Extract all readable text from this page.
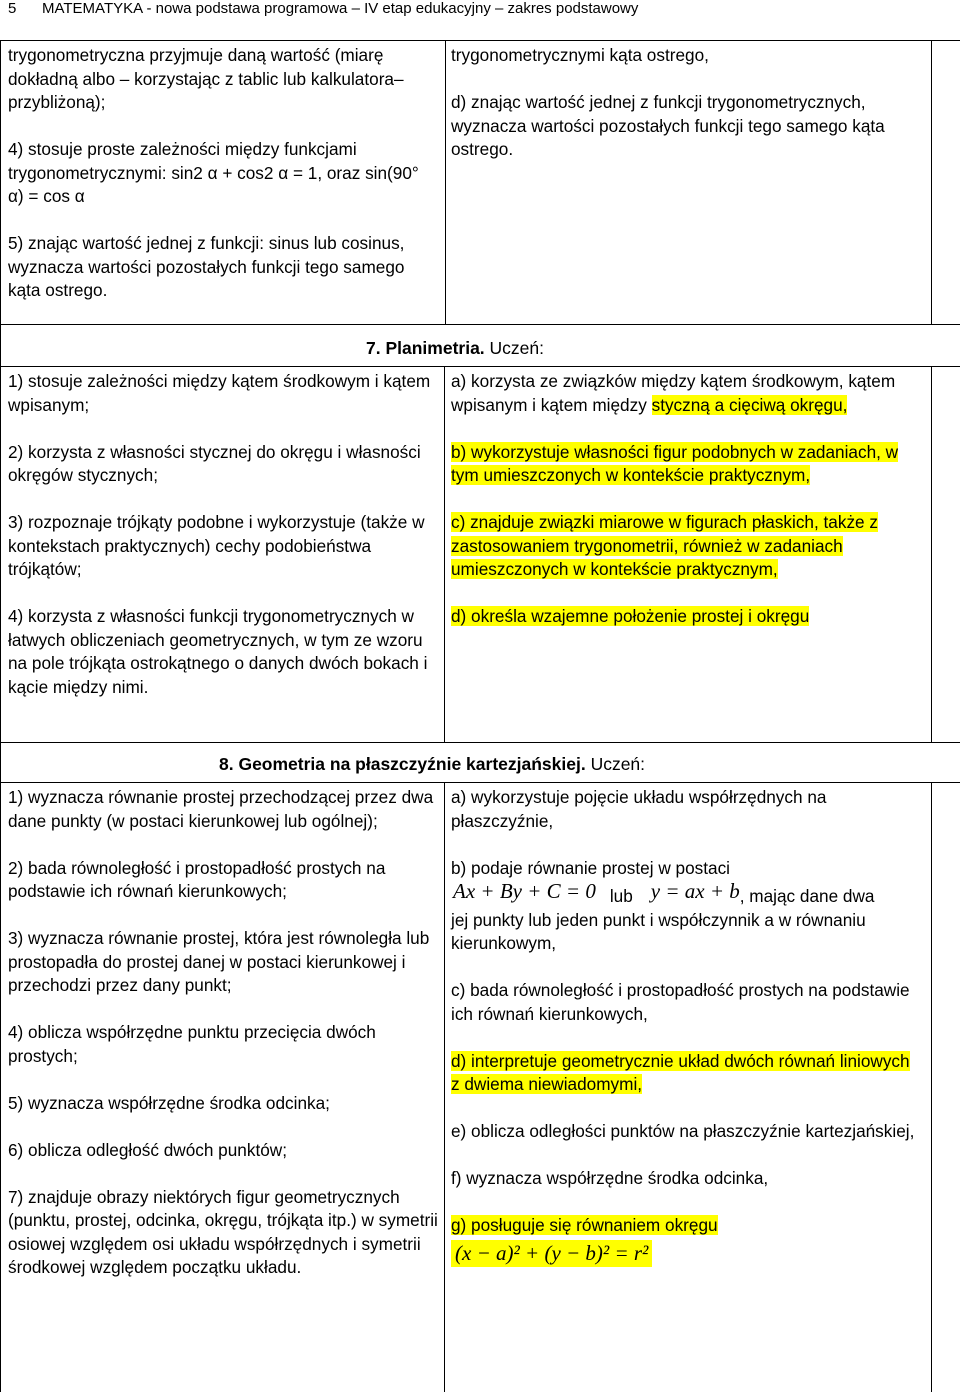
5 MATEMATYKA - nowa podstawa programowa – IV etap edukacyjny – zakres podstawowy

trygonometryczna przyjmuje daną wartość (miarę dokładną albo – korzystając z tablic lub kalkulatora– przybliżoną);

4) stosuje proste zależności między funkcjami trygonometrycznymi: sin2 α + cos2 α = 1, oraz sin(90° α) = cos α

5) znając wartość jednej z funkcji: sinus lub cosinus, wyznacza wartości pozostałych funkcji tego samego kąta ostrego.

trygonometrycznymi kąta ostrego,

d) znając wartość jednej z funkcji trygonometrycznych, wyznacza wartości pozostałych funkcji tego samego kąta ostrego.

7. Planimetria. Uczeń:

1) stosuje zależności między kątem środkowym i kątem wpisanym;

2) korzysta z własności stycznej do okręgu i własności okręgów stycznych;

3) rozpoznaje trójkąty podobne i wykorzystuje (także w kontekstach praktycznych) cechy podobieństwa trójkątów;

4) korzysta z własności funkcji trygonometrycznych w łatwych obliczeniach geometrycznych, w tym ze wzoru na pole trójkąta ostrokątnego o danych dwóch bokach i kącie między nimi.

a) korzysta ze związków między kątem środkowym, kątem wpisanym i kątem między styczną a cięciwą okręgu,

b) wykorzystuje własności figur podobnych w zadaniach, w tym umieszczonych w kontekście praktycznym,

c) znajduje związki miarowe w figurach płaskich, także z zastosowaniem trygonometrii, również w zadaniach umieszczonych w kontekście praktycznym,

d) określa wzajemne położenie prostej i okręgu

8. Geometria na płaszczyźnie kartezjańskiej. Uczeń:

1) wyznacza równanie prostej przechodzącej przez dwa dane punkty (w postaci kierunkowej lub ogólnej);

2) bada równoległość i prostopadłość prostych na podstawie ich równań kierunkowych;

3) wyznacza równanie prostej, która jest równoległa lub prostopadła do prostej danej w postaci kierunkowej i przechodzi przez dany punkt;

4) oblicza współrzędne punktu przecięcia dwóch prostych;

5) wyznacza współrzędne środka odcinka;

6) oblicza odległość dwóch punktów;

7) znajduje obrazy niektórych figur geometrycznych (punktu, prostej, odcinka, okręgu, trójkąta itp.) w symetrii osiowej względem osi układu współrzędnych i symetrii środkowej względem początku układu.

a) wykorzystuje pojęcie układu współrzędnych na płaszczyźnie,

b) podaje równanie prostej w postaci

Ax + By + C = 0 lub y = ax + b , mając dane dwa
jej punkty lub jeden punkt i współczynnik a w równaniu kierunkowym,

c) bada równoległość i prostopadłość prostych na podstawie ich równań kierunkowych,

d) interpretuje geometrycznie układ dwóch równań liniowych z dwiema niewiadomymi,

e) oblicza odległości punktów na płaszczyźnie kartezjańskiej,

f) wyznacza współrzędne środka odcinka,

g) posługuje się równaniem okręgu
(x − a)² + (y − b)² = r²
